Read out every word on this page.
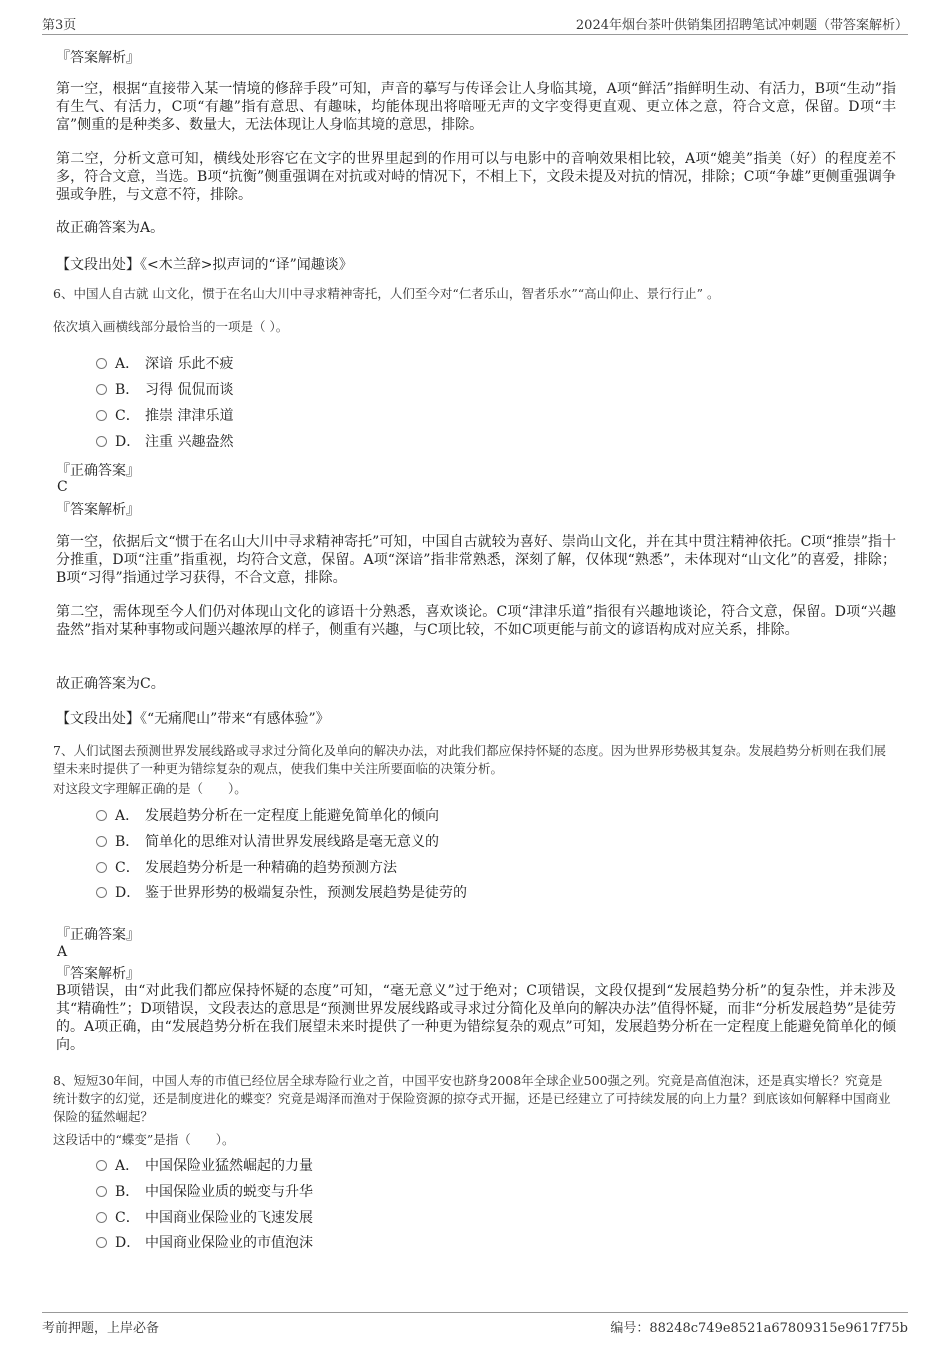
第3页	2024年烟台茶叶供销集团招聘笔试冲刺题（带答案解析）
『答案解析』
第一空，根据“直接带入某一情境的修辞手段”可知，声音的摹写与传译会让人身临其境，A项“鲜活”指鲜明生动、有活力，B项“生动”指有生气、有活力，C项“有趣”指有意思、有趣味，均能体现出将喑哑无声的文字变得更直观、更立体之意，符合文意，保留。D项“丰富”侧重的是种类多、数量大，无法体现让人身临其境的意思，排除。
第二空，分析文意可知，横线处形容它在文字的世界里起到的作用可以与电影中的音响效果相比较，A项“媲美”指美（好）的程度差不多，符合文意，当选。B项“抗衡”侧重强调在对抗或对峙的情况下，不相上下，文段未提及对抗的情况，排除；C项“争雄”更侧重强调争强或争胜，与文意不符，排除。
故正确答案为A。
【文段出处】《<木兰辞>拟声词的“译”闻趣谈》
6、中国人自古就 山文化，惯于在名山大川中寻求精神寄托，人们至今对“仁者乐山，智者乐水”“高山仰止、景行行止” 。
依次填入画横线部分最恰当的一项是（ ）。
A． 深谙 乐此不疲
B． 习得 侃侃而谈
C． 推崇 津津乐道
D． 注重 兴趣盎然
『正确答案』
C
『答案解析』
第一空，依据后文“惯于在名山大川中寻求精神寄托”可知，中国自古就较为喜好、崇尚山文化，并在其中贯注精神依托。C项“推崇”指十分推重，D项“注重”指重视，均符合文意，保留。A项“深谙”指非常熟悉，深刻了解，仅体现“熟悉”，未体现对“山文化”的喜爱，排除；B项“习得”指通过学习获得，不合文意，排除。
第二空，需体现至今人们仍对体现山文化的谚语十分熟悉，喜欢谈论。C项“津津乐道”指很有兴趣地谈论，符合文意，保留。D项“兴趣盎然”指对某种事物或问题兴趣浓厚的样子，侧重有兴趣，与C项比较，不如C项更能与前文的谚语构成对应关系，排除。
故正确答案为C。
【文段出处】《“无痛爬山”带来“有感体验”》
7、人们试图去预测世界发展线路或寻求过分简化及单向的解决办法，对此我们都应保持怀疑的态度。因为世界形势极其复杂。发展趋势分析则在我们展望未来时提供了一种更为错综复杂的观点，使我们集中关注所要面临的决策分析。
对这段文字理解正确的是（　　）。
A． 发展趋势分析在一定程度上能避免简单化的倾向
B． 简单化的思维对认清世界发展线路是毫无意义的
C． 发展趋势分析是一种精确的趋势预测方法
D． 鉴于世界形势的极端复杂性，预测发展趋势是徒劳的
『正确答案』
A
『答案解析』
B项错误，由“对此我们都应保持怀疑的态度”可知，“毫无意义”过于绝对；C项错误，文段仅提到“发展趋势分析”的复杂性，并未涉及其“精确性”；D项错误，文段表达的意思是“预测世界发展线路或寻求过分简化及单向的解决办法”值得怀疑，而非“分析发展趋势”是徒劳的。A项正确，由“发展趋势分析在我们展望未来时提供了一种更为错综复杂的观点”可知，发展趋势分析在一定程度上能避免简单化的倾向。
8、短短30年间，中国人寿的市值已经位居全球寿险行业之首，中国平安也跻身2008年全球企业500强之列。究竟是高值泡沫，还是真实增长？究竟是统计数字的幻觉，还是制度进化的蝶变？究竟是竭泽而渔对于保险资源的掠夺式开掘，还是已经建立了可持续发展的向上力量？到底该如何解释中国商业保险的猛然崛起？
这段话中的“蝶变”是指（　　）。
A． 中国保险业猛然崛起的力量
B． 中国保险业质的蜕变与升华
C． 中国商业保险业的飞速发展
D． 中国商业保险业的市值泡沫
考前押题，上岸必备	编号：88248c749e8521a67809315e9617f75b
